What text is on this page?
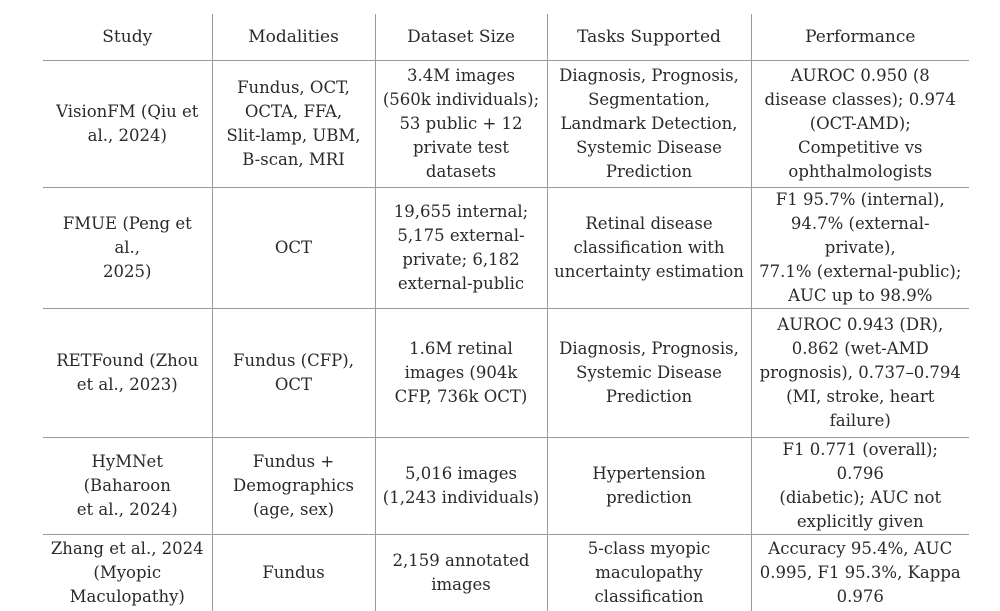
Study	Modalities	Dataset Size	Tasks Supported	Performance
VisionFM (Qiu et
al., 2024)	Fundus, OCT,
OCTA, FFA,
Slit-lamp, UBM,
B-scan, MRI	3.4M images
(560k individuals);
53 public + 12
private test
datasets	Diagnosis, Prognosis,
Segmentation,
Landmark Detection,
Systemic Disease
Prediction	AUROC 0.950 (8
disease classes); 0.974
(OCT-AMD);
Competitive vs
ophthalmologists
FMUE (Peng et al.,
2025)	OCT	19,655 internal;
5,175 external-
private; 6,182
external-public	Retinal disease
classification with
uncertainty estimation	F1 95.7% (internal),
94.7% (external-private),
77.1% (external-public);
AUC up to 98.9%
RETFound (Zhou
et al., 2023)	Fundus (CFP),
OCT	1.6M retinal
images (904k
CFP, 736k OCT)	Diagnosis, Prognosis,
Systemic Disease
Prediction	AUROC 0.943 (DR),
0.862 (wet-AMD
prognosis), 0.737–0.794
(MI, stroke, heart
failure)
HyMNet (Baharoon
et al., 2024)	Fundus +
Demographics
(age, sex)	5,016 images
(1,243 individuals)	Hypertension
prediction	F1 0.771 (overall); 0.796
(diabetic); AUC not
explicitly given
Zhang et al., 2024
(Myopic
Maculopathy)	Fundus	2,159 annotated
images	5-class myopic
maculopathy
classification	Accuracy 95.4%, AUC
0.995, F1 95.3%, Kappa
0.976
